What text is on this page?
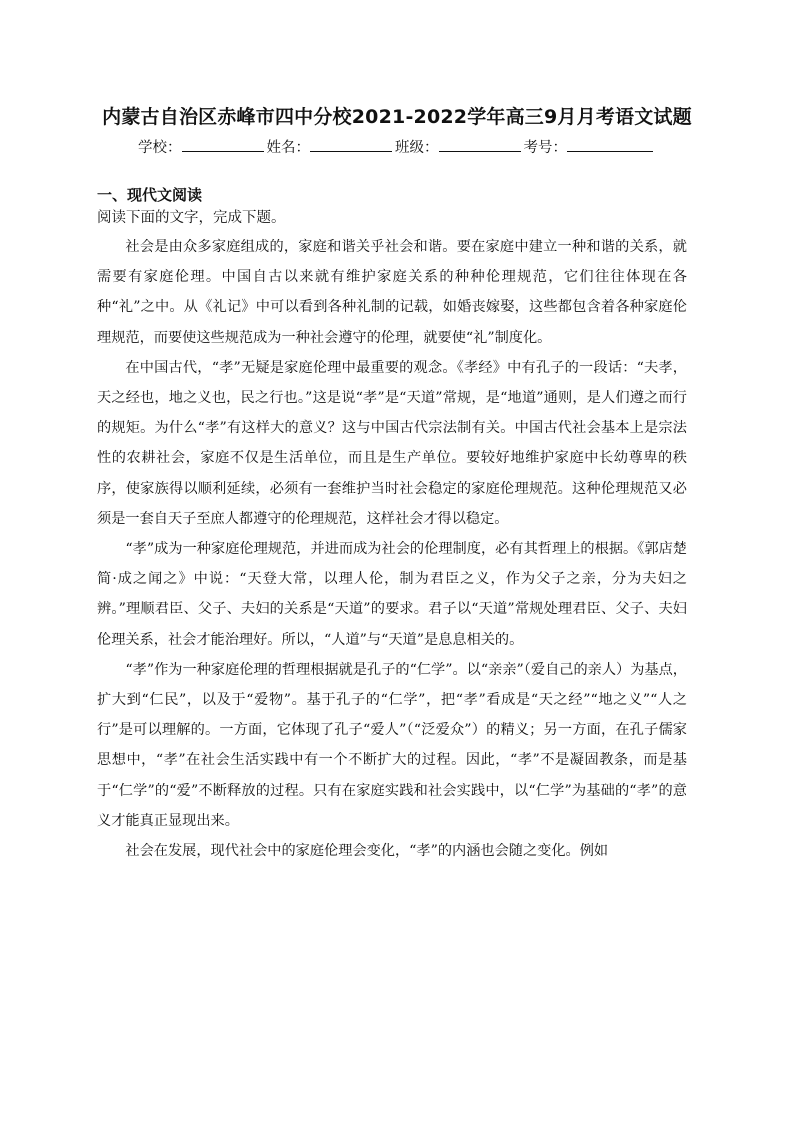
内蒙古自治区赤峰市四中分校2021-2022学年高三9月月考语文试题
学校：	姓名：	班级：	考号：
一、现代文阅读
阅读下面的文字，完成下题。

社会是由众多家庭组成的，家庭和谐关乎社会和谐。要在家庭中建立一种和谐的关系，就需要有家庭伦理。中国自古以来就有维护家庭关系的种种伦理规范，它们往往体现在各种“礼”之中。从《礼记》中可以看到各种礼制的记载，如婚丧嫁娶，这些都包含着各种家庭伦理规范，而要使这些规范成为一种社会遵守的伦理，就要使“礼”制度化。

在中国古代，“孝”无疑是家庭伦理中最重要的观念。《孝经》中有孔子的一段话：“夫孝，天之经也，地之义也，民之行也。”这是说“孝”是“天道”常规，是“地道”通则，是人们遵之而行的规矩。为什么“孝”有这样大的意义？这与中国古代宗法制有关。中国古代社会基本上是宗法性的农耕社会，家庭不仅是生活单位，而且是生产单位。要较好地维护家庭中长幼尊卑的秩序，使家族得以顺利延续，必须有一套维护当时社会稳定的家庭伦理规范。这种伦理规范又必须是一套自天子至庶人都遵守的伦理规范，这样社会才得以稳定。

“孝”成为一种家庭伦理规范，并进而成为社会的伦理制度，必有其哲理上的根据。《郭店楚简·成之闻之》中说：“天登大常，以理人伦，制为君臣之义，作为父子之亲，分为夫妇之辨。”理顺君臣、父子、夫妇的关系是“天道”的要求。君子以“天道”常规处理君臣、父子、夫妇伦理关系，社会才能治理好。所以，“人道”与“天道”是息息相关的。

“孝”作为一种家庭伦理的哲理根据就是孔子的“仁学”。以“亲亲”（爱自己的亲人）为基点，扩大到“仁民”，以及于“爱物”。基于孔子的“仁学”，把“孝”看成是“天之经”“地之义”“人之行”是可以理解的。一方面，它体现了孔子“爱人”（“泛爱众”）的精义；另一方面，在孔子儒家思想中，“孝”在社会生活实践中有一个不断扩大的过程。因此，“孝”不是凝固教条，而是基于“仁学”的“爱”不断释放的过程。只有在家庭实践和社会实践中，以“仁学”为基础的“孝”的意义才能真正显现出来。

社会在发展，现代社会中的家庭伦理会变化，“孝”的内涵也会随之变化。例如
